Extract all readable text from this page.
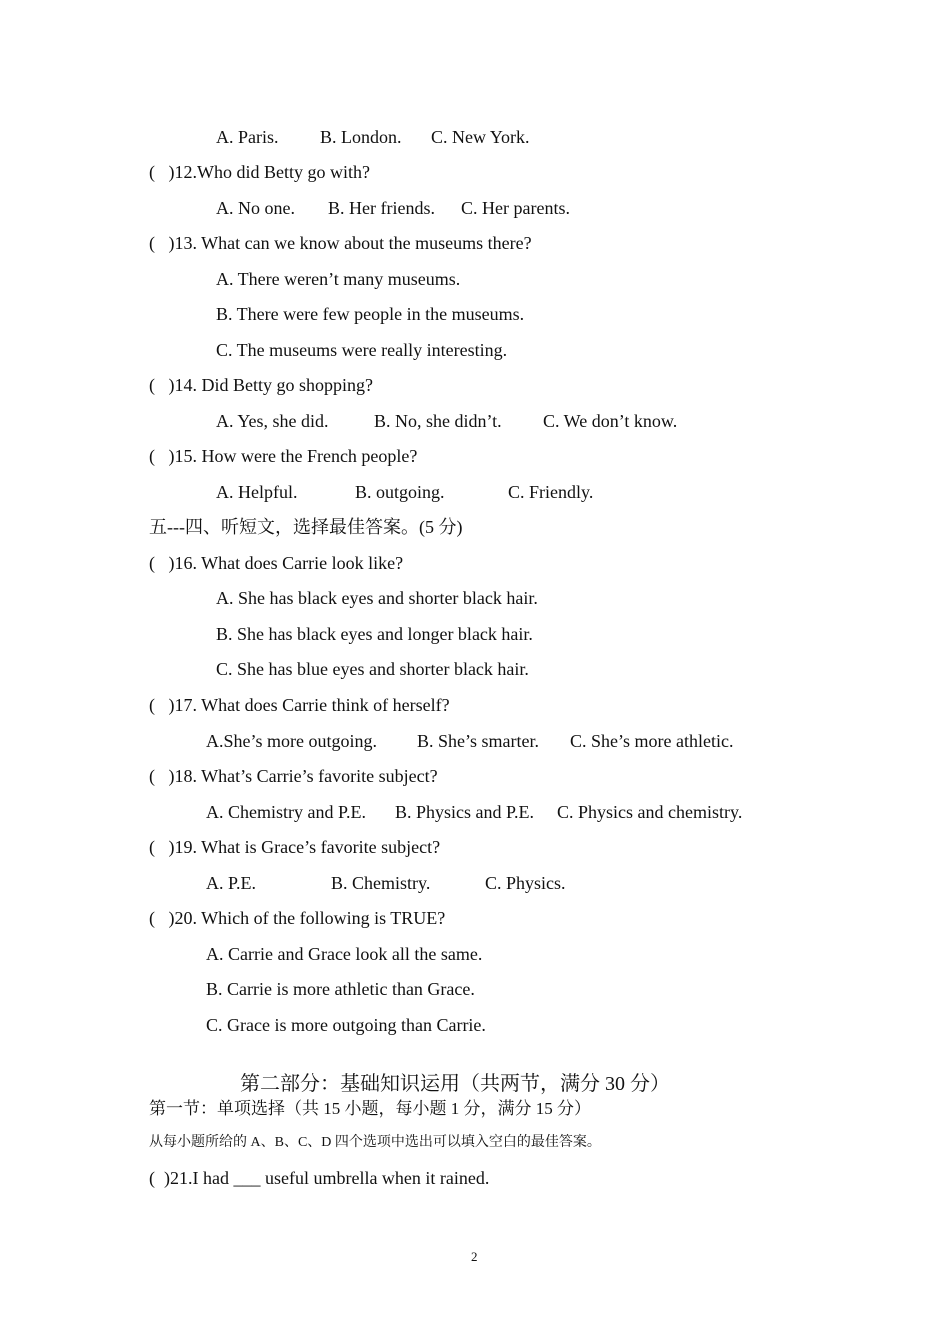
A. Paris. B. London. C. New York.
(   )12.Who did Betty go with?
A. No one. B. Her friends. C. Her parents.
(   )13. What can we know about the museums there?
A. There weren’t many museums.
B. There were few people in the museums.
C. The museums were really interesting.
(   )14. Did Betty go shopping?
A. Yes, she did.	B. No, she didn’t. C. We don’t know.
(   )15. How were the French people?
A. Helpful.	B. outgoing.	C. Friendly.
五---四、听短文，选择最佳答案。(5 分)
(   )16. What does Carrie look like?
A. She has black eyes and shorter black hair.
B. She has black eyes and longer black hair.
C. She has blue eyes and shorter black hair.
(   )17. What does Carrie think of herself?
A.She’s more outgoing. B. She’s smarter. C. She’s more athletic.
(   )18. What’s Carrie’s favorite subject?
A. Chemistry and P.E. B. Physics and P.E. C. Physics and chemistry.
(   )19. What is Grace’s favorite subject?
A. P.E.	B. Chemistry.	C. Physics.
(   )20. Which of the following is TRUE?
A. Carrie and Grace look all the same.
B. Carrie is more athletic than Grace.
C. Grace is more outgoing than Carrie.
第二部分：基础知识运用（共两节，满分 30 分）
第一节：单项选择（共 15 小题，每小题 1 分，满分 15 分）
从每小题所给的 A、B、C、D 四个选项中选出可以填入空白的最佳答案。
(  )21.I had ___ useful umbrella when it rained.
2
